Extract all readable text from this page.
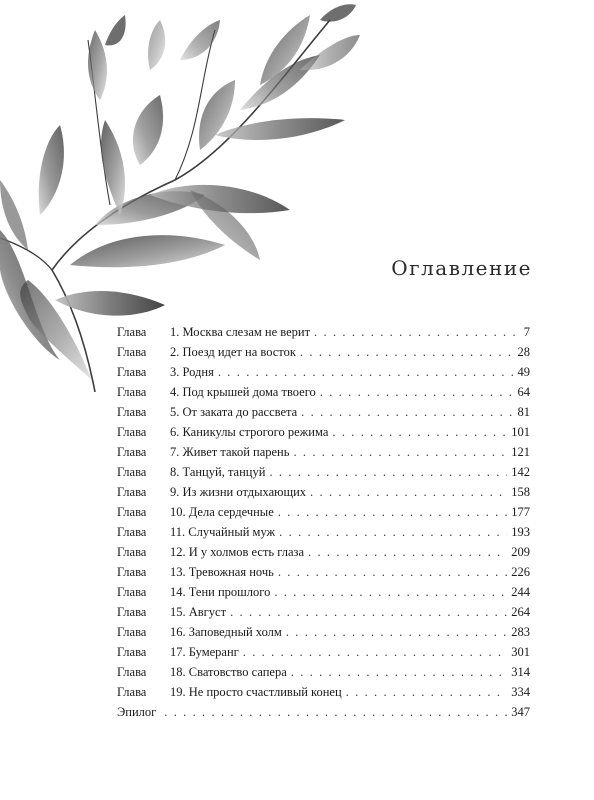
Оглавление
Глава	1. Москва слезам не верит . . .	7
Глава	2. Поезд идет на восток . . .	28
Глава	3. Родня . . .	49
Глава	4. Под крышей дома твоего . . .	64
Глава	5. От заката до рассвета . . .	81
Глава	6. Каникулы строгого режима . . .	101
Глава	7. Живет такой парень . . .	121
Глава	8. Танцуй, танцуй . . .	142
Глава	9. Из жизни отдыхающих . . .	158
Глава	10. Дела сердечные . . .	177
Глава	11. Случайный муж . . .	193
Глава	12. И у холмов есть глаза . . .	209
Глава	13. Тревожная ночь . . .	226
Глава	14. Тени прошлого . . .	244
Глава	15. Август . . .	264
Глава	16. Заповедный холм . . .	283
Глава	17. Бумеранг . . .	301
Глава	18. Сватовство сапера . . .	314
Глава	19. Не просто счастливый конец . . .	334
Эпилог . . .	347
